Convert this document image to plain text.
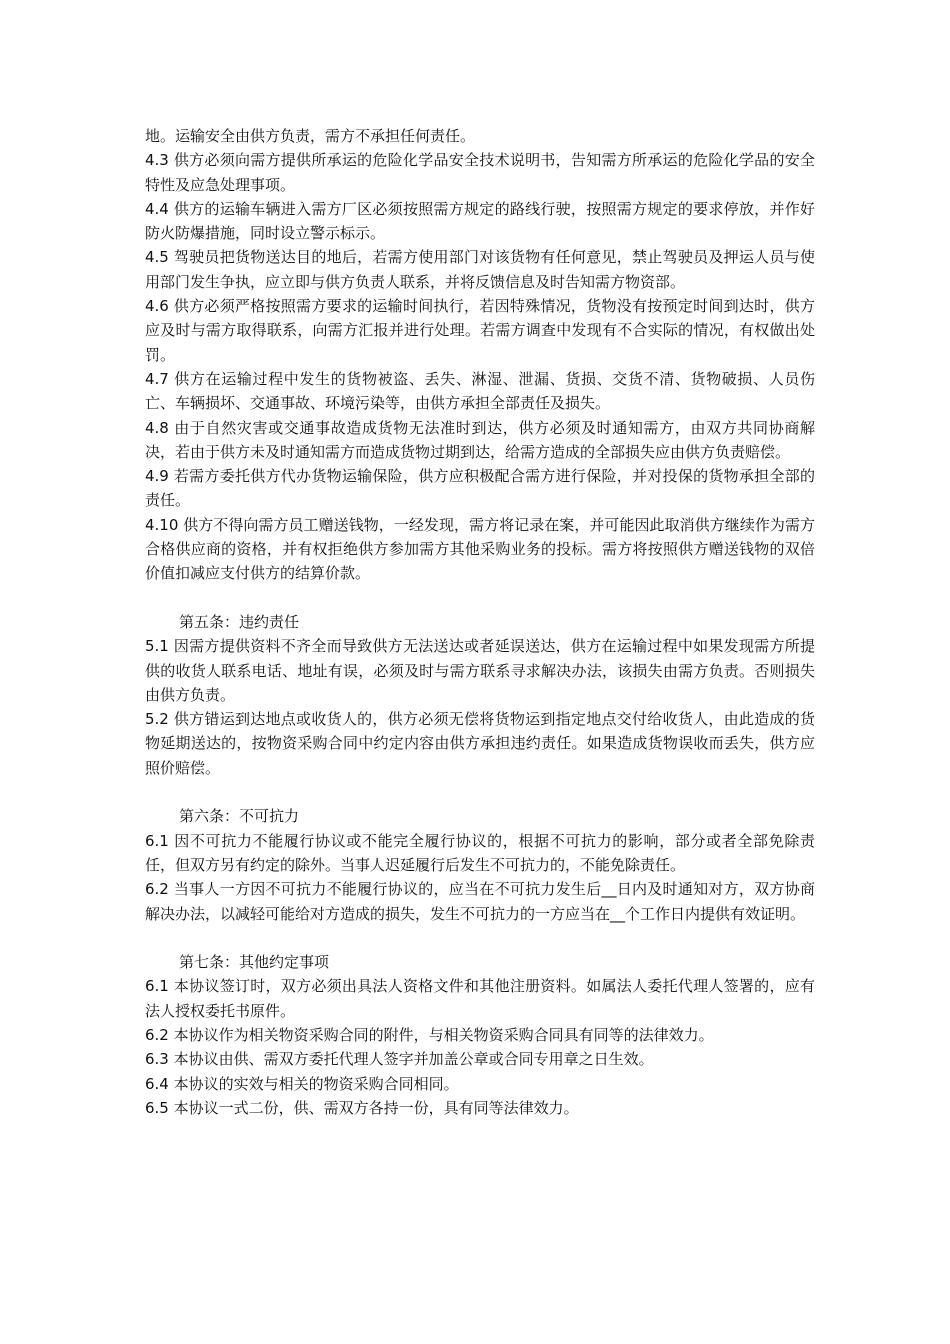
地。运输安全由供方负责，需方不承担任何责任。

4.3 供方必须向需方提供所承运的危险化学品安全技术说明书，告知需方所承运的危险化学品的安全特性及应急处理事项。

4.4 供方的运输车辆进入需方厂区必须按照需方规定的路线行驶，按照需方规定的要求停放，并作好防火防爆措施，同时设立警示标示。

4.5 驾驶员把货物送达目的地后，若需方使用部门对该货物有任何意见，禁止驾驶员及押运人员与使用部门发生争执，应立即与供方负责人联系，并将反馈信息及时告知需方物资部。

4.6 供方必须严格按照需方要求的运输时间执行，若因特殊情况，货物没有按预定时间到达时，供方应及时与需方取得联系，向需方汇报并进行处理。若需方调查中发现有不合实际的情况，有权做出处罚。

4.7 供方在运输过程中发生的货物被盗、丢失、淋湿、泄漏、货损、交货不清、货物破损、人员伤亡、车辆损坏、交通事故、环境污染等，由供方承担全部责任及损失。

4.8 由于自然灾害或交通事故造成货物无法准时到达，供方必须及时通知需方，由双方共同协商解决，若由于供方未及时通知需方而造成货物过期到达，给需方造成的全部损失应由供方负责赔偿。

4.9 若需方委托供方代办货物运输保险，供方应积极配合需方进行保险，并对投保的货物承担全部的责任。

4.10 供方不得向需方员工赠送钱物，一经发现，需方将记录在案，并可能因此取消供方继续作为需方合格供应商的资格，并有权拒绝供方参加需方其他采购业务的投标。需方将按照供方赠送钱物的双倍价值扣减应支付供方的结算价款。

第五条：违约责任

5.1 因需方提供资料不齐全而导致供方无法送达或者延误送达，供方在运输过程中如果发现需方所提供的收货人联系电话、地址有误，必须及时与需方联系寻求解决办法，该损失由需方负责。否则损失由供方负责。

5.2 供方错运到达地点或收货人的，供方必须无偿将货物运到指定地点交付给收货人，由此造成的货物延期送达的，按物资采购合同中约定内容由供方承担违约责任。如果造成货物误收而丢失，供方应照价赔偿。

第六条：不可抗力

6.1 因不可抗力不能履行协议或不能完全履行协议的，根据不可抗力的影响，部分或者全部免除责任，但双方另有约定的除外。当事人迟延履行后发生不可抗力的，不能免除责任。

6.2 当事人一方因不可抗力不能履行协议的，应当在不可抗力发生后__日内及时通知对方，双方协商解决办法，以减轻可能给对方造成的损失，发生不可抗力的一方应当在__个工作日内提供有效证明。

第七条：其他约定事项

6.1 本协议签订时，双方必须出具法人资格文件和其他注册资料。如属法人委托代理人签署的，应有法人授权委托书原件。

6.2 本协议作为相关物资采购合同的附件，与相关物资采购合同具有同等的法律效力。

6.3 本协议由供、需双方委托代理人签字并加盖公章或合同专用章之日生效。

6.4 本协议的实效与相关的物资采购合同相同。

6.5 本协议一式二份，供、需双方各持一份，具有同等法律效力。
